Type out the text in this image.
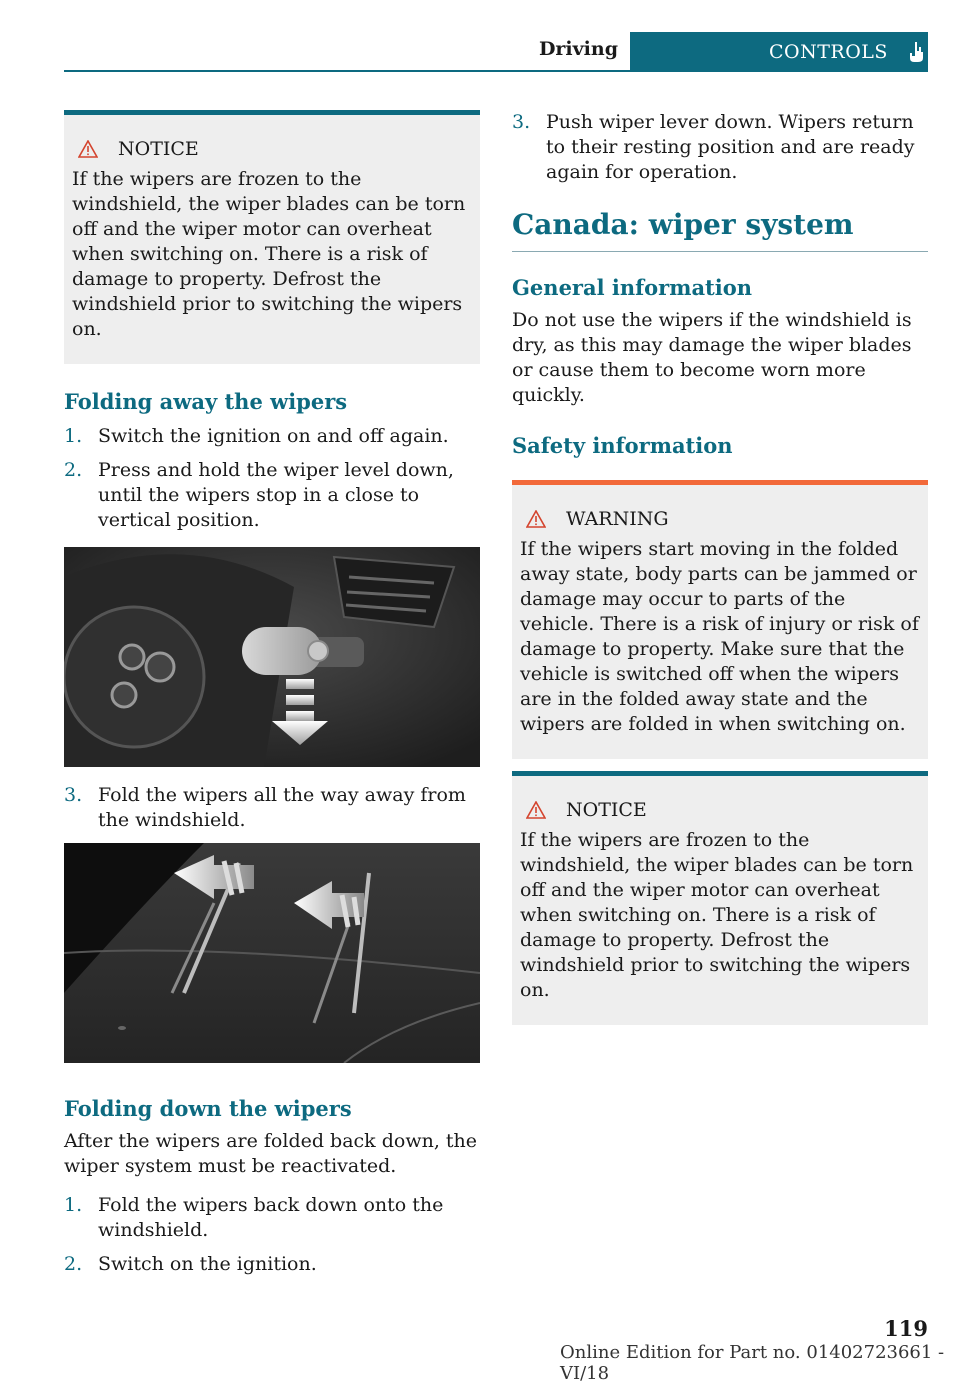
Driving	CONTROLS
NOTICE
If the wipers are frozen to the windshield, the wiper blades can be torn off and the wiper motor can overheat when switching on. There is a risk of damage to property. Defrost the windshield prior to switching the wipers on.
Folding away the wipers
1. Switch the ignition on and off again.
2. Press and hold the wiper level down, until the wipers stop in a close to vertical position.
3. Fold the wipers all the way away from the windshield.
Folding down the wipers
After the wipers are folded back down, the wiper system must be reactivated.
1. Fold the wipers back down onto the windshield.
2. Switch on the ignition.
3. Push wiper lever down. Wipers return to their resting position and are ready again for operation.
Canada: wiper system
General information
Do not use the wipers if the windshield is dry, as this may damage the wiper blades or cause them to become worn more quickly.
Safety information
WARNING
If the wipers start moving in the folded away state, body parts can be jammed or damage may occur to parts of the vehicle. There is a risk of injury or risk of damage to property. Make sure that the vehicle is switched off when the wipers are in the folded away state and the wipers are folded in when switching on.
NOTICE
If the wipers are frozen to the windshield, the wiper blades can be torn off and the wiper motor can overheat when switching on. There is a risk of damage to property. Defrost the windshield prior to switching the wipers on.
119
Online Edition for Part no. 01402723661 - VI/18
